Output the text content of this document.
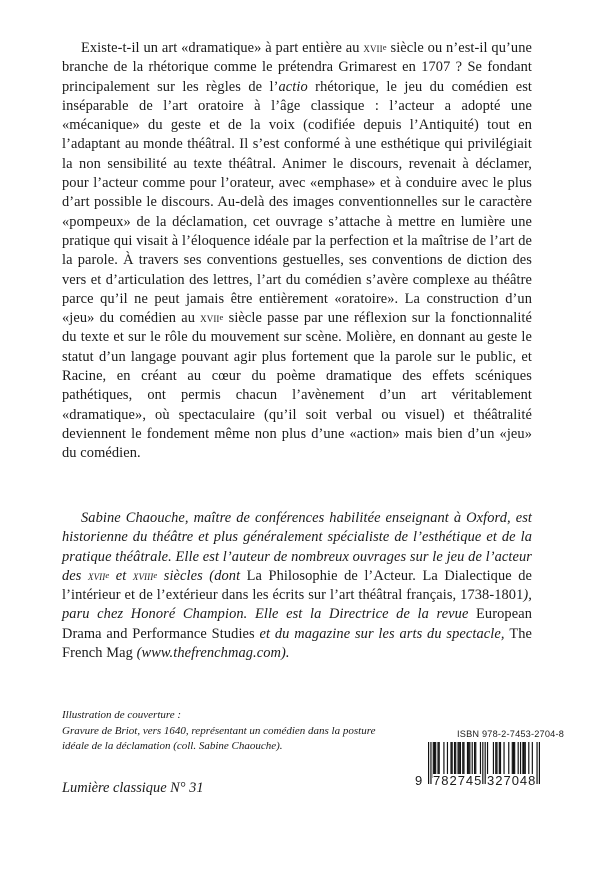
Existe-t-il un art «dramatique» à part entière au xvii$^e$ siècle ou n’est-il qu’une branche de la rhétorique comme le prétendra Grimarest en 1707 ? Se fondant principalement sur les règles de l’actio rhétorique, le jeu du comédien est inséparable de l’art oratoire à l’âge classique : l’acteur a adopté une «mécanique» du geste et de la voix (codifiée depuis l’Antiquité) tout en l’adaptant au monde théâtral. Il s’est conformé à une esthétique qui privilégiait la non sensibilité au texte théâtral. Animer le discours, revenait à déclamer, pour l’acteur comme pour l’orateur, avec «emphase» et à conduire avec le plus d’art possible le discours. Au-delà des images conventionnelles sur le caractère «pompeux» de la déclamation, cet ouvrage s’attache à mettre en lumière une pratique qui visait à l’éloquence idéale par la perfection et la maîtrise de l’art de la parole. À travers ses conventions gestuelles, ses conventions de diction des vers et d’articulation des lettres, l’art du comédien s’avère complexe au théâtre parce qu’il ne peut jamais être entièrement «oratoire». La construction d’un «jeu» du comédien au xvii$^e$ siècle passe par une réflexion sur la fonctionnalité du texte et sur le rôle du mouvement sur scène. Molière, en donnant au geste le statut d’un langage pouvant agir plus fortement que la parole sur le public, et Racine, en créant au cœur du poème dramatique des effets scéniques pathétiques, ont permis chacun l’avènement d’un art véritablement «dramatique», où spectaculaire (qu’il soit verbal ou visuel) et théâtralité deviennent le fondement même non plus d’une «action» mais bien d’un «jeu» du comédien.

Sabine Chaouche, maître de conférences habilitée enseignant à Oxford, est historienne du théâtre et plus généralement spécialiste de l’esthétique et de la pratique théâtrale. Elle est l’auteur de nombreux ouvrages sur le jeu de l’acteur des xvii$^e$ et xviii$^e$ siècles (dont La Philosophie de l’Acteur. La Dialectique de l’intérieur et de l’extérieur dans les écrits sur l’art théâtral français, 1738-1801), paru chez Honoré Champion. Elle est la Directrice de la revue European Drama and Performance Studies et du magazine sur les arts du spectacle, The French Mag (www.thefrenchmag.com).

Illustration de couverture :
Gravure de Briot, vers 1640, représentant un comédien dans la posture idéale de la déclamation (coll. Sabine Chaouche).
Lumière classique N° 31
ISBN 978-2-7453-2704-8
9 782745 327048
